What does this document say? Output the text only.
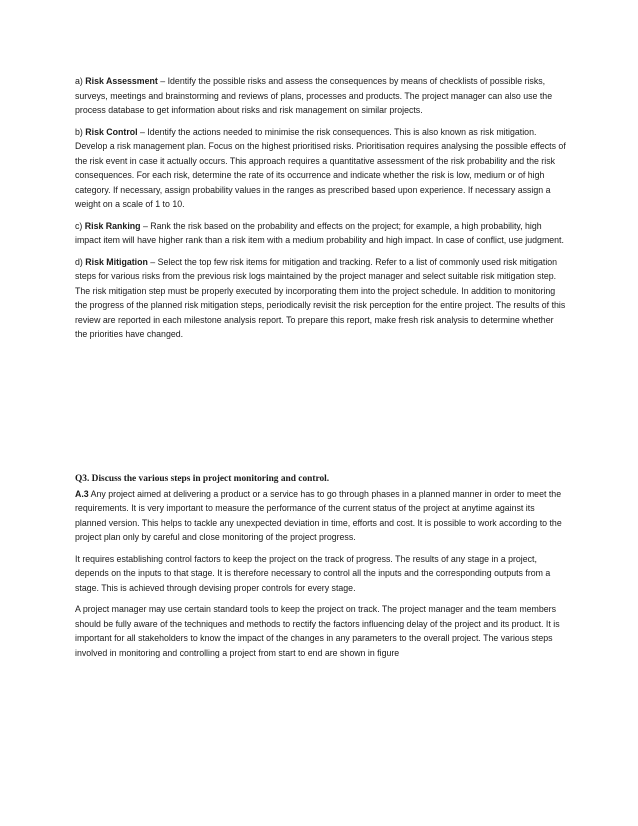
a) Risk Assessment – Identify the possible risks and assess the consequences by means of checklists of possible risks, surveys, meetings and brainstorming and reviews of plans, processes and products. The project manager can also use the process database to get information about risks and risk management on similar projects.

b) Risk Control – Identify the actions needed to minimise the risk consequences. This is also known as risk mitigation. Develop a risk management plan. Focus on the highest prioritised risks. Prioritisation requires analysing the possible effects of the risk event in case it actually occurs. This approach requires a quantitative assessment of the risk probability and the risk consequences. For each risk, determine the rate of its occurrence and indicate whether the risk is low, medium or of high category. If necessary, assign probability values in the ranges as prescribed based upon experience. If necessary assign a weight on a scale of 1 to 10.

c) Risk Ranking – Rank the risk based on the probability and effects on the project; for example, a high probability, high impact item will have higher rank than a risk item with a medium probability and high impact. In case of conflict, use judgment.

d) Risk Mitigation – Select the top few risk items for mitigation and tracking. Refer to a list of commonly used risk mitigation steps for various risks from the previous risk logs maintained by the project manager and select suitable risk mitigation step. The risk mitigation step must be properly executed by incorporating them into the project schedule. In addition to monitoring the progress of the planned risk mitigation steps, periodically revisit the risk perception for the entire project. The results of this review are reported in each milestone analysis report. To prepare this report, make fresh risk analysis to determine whether the priorities have changed.

Q3. Discuss the various steps in project monitoring and control.
A.3 Any project aimed at delivering a product or a service has to go through phases in a planned manner in order to meet the requirements. It is very important to measure the performance of the current status of the project at anytime against its planned version. This helps to tackle any unexpected deviation in time, efforts and cost. It is possible to work according to the project plan only by careful and close monitoring of the project progress.

It requires establishing control factors to keep the project on the track of progress. The results of any stage in a project, depends on the inputs to that stage. It is therefore necessary to control all the inputs and the corresponding outputs from a stage. This is achieved through devising proper controls for every stage.

A project manager may use certain standard tools to keep the project on track. The project manager and the team members should be fully aware of the techniques and methods to rectify the factors influencing delay of the project and its product. It is important for all stakeholders to know the impact of the changes in any parameters to the overall project. The various steps involved in monitoring and controlling a project from start to end are shown in figure
